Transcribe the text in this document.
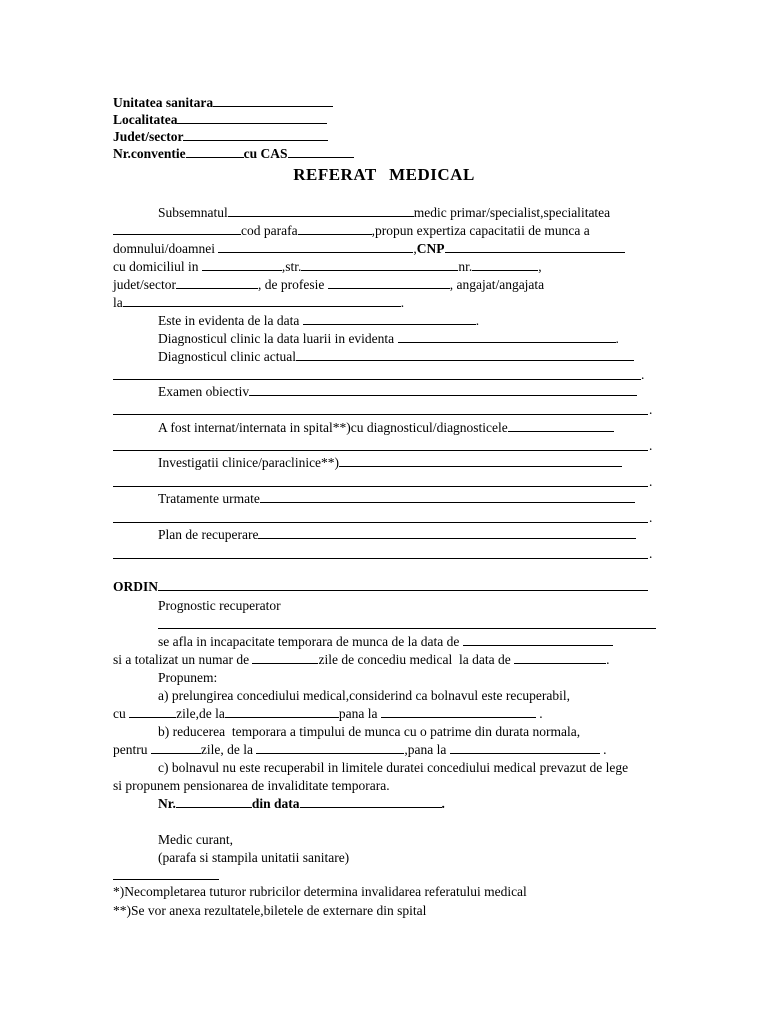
Unitatea sanitara
Localitatea
Judet/sector
Nr.conventie	cu CAS
REFERAT MEDICAL
Subsemnatul	medic primar/specialist,specialitatea
cod parafa	,propun expertiza capacitatii de munca a
domnului/doamnei	,CNP
cu domiciliul in	,str.	nr.	,
judet/sector	, de profesie	, angajat/angajata
la	.
Este in evidenta de la data	.
Diagnosticul clinic la data luarii in evidenta	.
Diagnosticul clinic actual
.
Examen obiectiv
.
A fost internat/internata in spital**)cu diagnosticul/diagnosticele
.
Investigatii clinice/paraclinice**)
.
Tratamente urmate
.
Plan de recuperare
.
ORDIN
Prognostic recuperator
se afla in incapacitate temporara de munca de la data de
si a totalizat un numar de	zile de concediu medical  la data de	.
Propunem:
a) prelungirea concediului medical,considerind ca bolnavul este recuperabil,
cu	zile,de la	pana la	.
b) reducerea  temporara a timpului de munca cu o patrime din durata normala,
pentru	zile, de la	,pana la	.
c) bolnavul nu este recuperabil in limitele duratei concediului medical prevazut de lege
si propunem pensionarea de invaliditate temporara.
Nr.	din data	.
Medic curant,
(parafa si stampila unitatii sanitare)
*)Necompletarea tuturor rubricilor determina invalidarea referatului medical
**)Se vor anexa rezultatele,biletele de externare din spital
